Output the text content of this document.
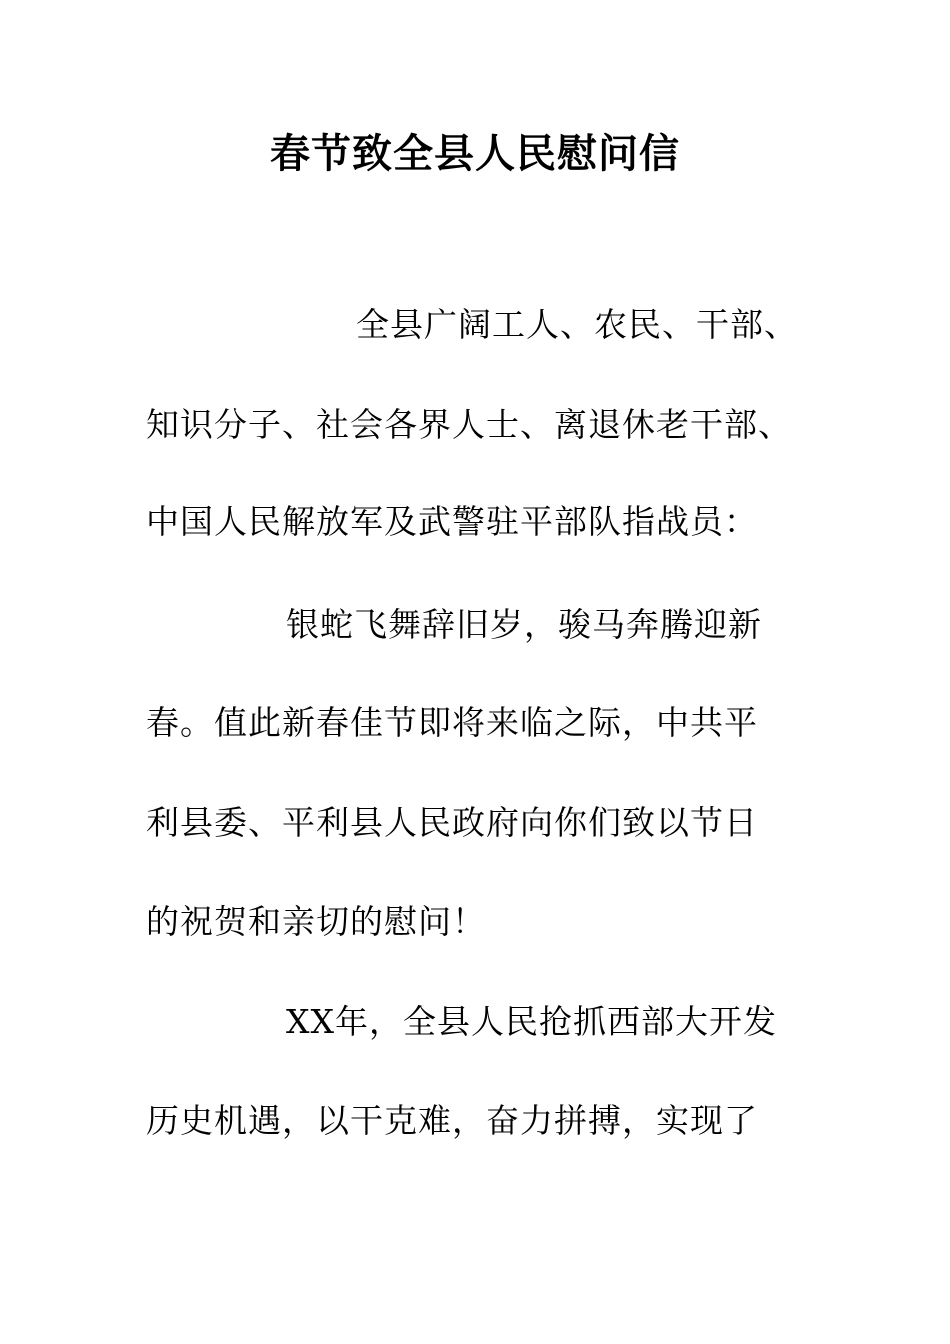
春节致全县人民慰问信
全县广阔工人、农民、干部、
知识分子、社会各界人士、离退休老干部、
中国人民解放军及武警驻平部队指战员：
银蛇飞舞辞旧岁，骏马奔腾迎新
春。值此新春佳节即将来临之际，中共平
利县委、平利县人民政府向你们致以节日
的祝贺和亲切的慰问！
XX年，全县人民抢抓西部大开发
历史机遇，以干克难，奋力拼搏，实现了
